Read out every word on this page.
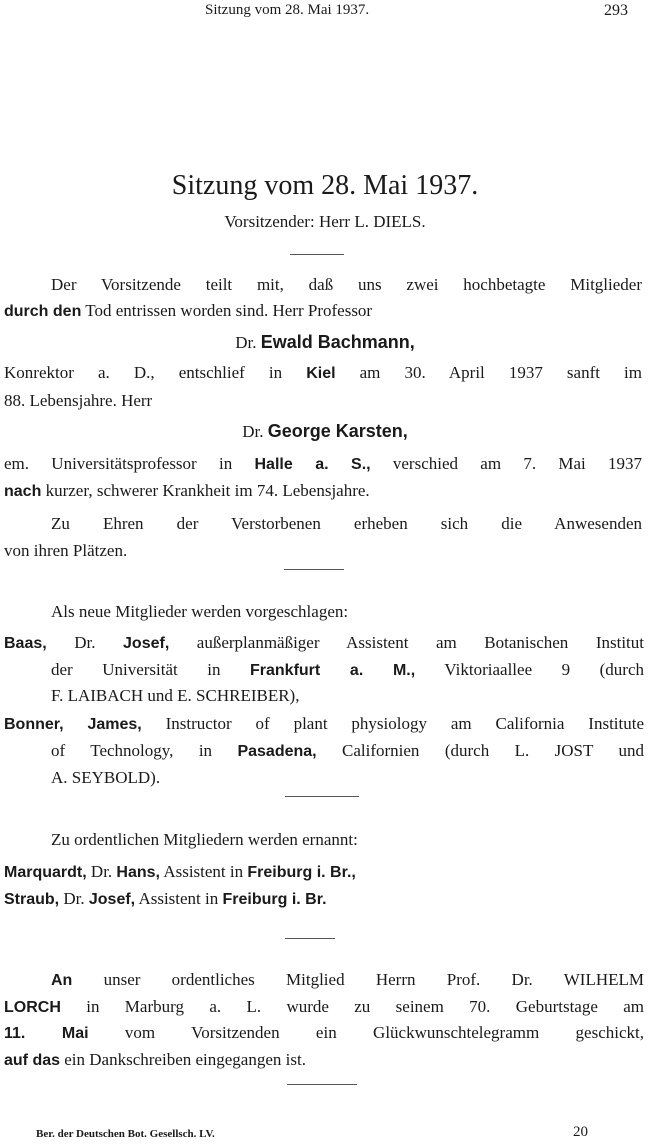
Sitzung vom 28. Mai 1937.	293
Sitzung vom 28. Mai 1937.
Vorsitzender: Herr L. DIELS.
Der Vorsitzende teilt mit, daß uns zwei hochbetagte Mitglieder
durch den Tod entrissen worden sind. Herr Professor
Dr. Ewald Bachmann,
Konrektor a. D., entschlief in Kiel am 30. April 1937 sanft im
88. Lebensjahre. Herr
Dr. George Karsten,
em. Universitätsprofessor in Halle a. S., verschied am 7. Mai 1937
nach kurzer, schwerer Krankheit im 74. Lebensjahre.
Zu Ehren der Verstorbenen erheben sich die Anwesenden
von ihren Plätzen.
Als neue Mitglieder werden vorgeschlagen:
Baas, Dr. Josef, außerplanmäßiger Assistent am Botanischen Institut
der Universität in Frankfurt a. M., Viktoriaallee 9 (durch
F. LAIBACH und E. SCHREIBER),
Bonner, James, Instructor of plant physiology am California Institute
of Technology, in Pasadena, Californien (durch L. JOST und
A. SEYBOLD).
Zu ordentlichen Mitgliedern werden ernannt:
Marquardt, Dr. Hans, Assistent in Freiburg i. Br.,
Straub, Dr. Josef, Assistent in Freiburg i. Br.
An unser ordentliches Mitglied Herrn Prof. Dr. WILHELM
LORCH in Marburg a. L. wurde zu seinem 70. Geburtstage am
11. Mai vom Vorsitzenden ein Glückwunschtelegramm geschickt,
auf das ein Dankschreiben eingegangen ist.
Ber. der Deutschen Bot. Gesellsch. LV.	20
